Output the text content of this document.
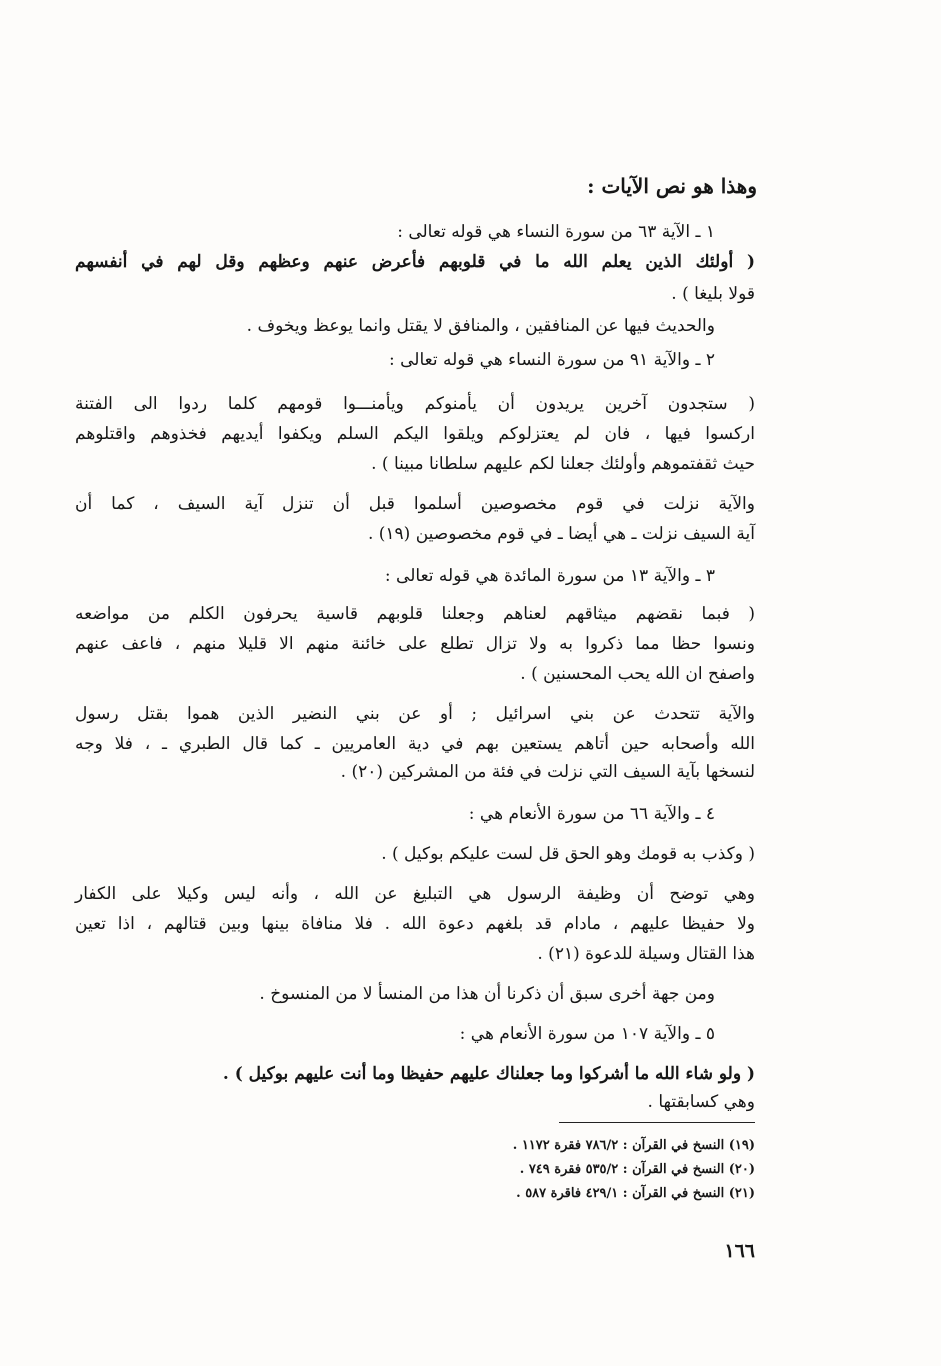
وهذا هو نص الآيات :
١ ـ الآية ٦٣ من سورة النساء هي قوله تعالى :
( أولئك الذين يعلم الله ما في قلوبهم فأعرض عنهم وعظهم وقل لهم في أنفسهم
قولا بليغا ) .
والحديث فيها عن المنافقين ، والمنافق لا يقتل وانما يوعظ ويخوف .
٢ ـ والآية ٩١ من سورة النساء هي قوله تعالى :
( ستجدون آخرين يريدون أن يأمنوكم ويأمنـــوا قومهم كلما ردوا الى الفتنة
اركسوا فيها ، فان لم يعتزلوكم ويلقوا اليكم السلم ويكفوا أيديهم فخذوهم واقتلوهم
حيث ثقفتموهم وأولئك جعلنا لكم عليهم سلطانا مبينا ) .
والآية نزلت في قوم مخصوصين أسلموا قبل أن تنزل آية السيف ، كما أن
آية السيف نزلت ـ هي أيضا ـ في قوم مخصوصين (١٩) .
٣ ـ والآية ١٣ من سورة المائدة هي قوله تعالى :
( فبما نقضهم ميثاقهم لعناهم وجعلنا قلوبهم قاسية يحرفون الكلم من مواضعه
ونسوا حظا مما ذكروا به ولا تزال تطلع على خائنة منهم الا قليلا منهم ، فاعف عنهم
واصفح ان الله يحب المحسنين ) .
والآية تتحدث عن بني اسرائيل ; أو عن بني النضير الذين هموا بقتل رسول
الله وأصحابه حين أتاهم يستعين بهم في دية العامريين ـ كما قال الطبري ـ ، فلا وجه
لنسخها بآية السيف التي نزلت في فئة من المشركين (٢٠) .
٤ ـ والآية ٦٦ من سورة الأنعام هي :
( وكذب به قومك وهو الحق قل لست عليكم بوكيل ) .
وهي توضح أن وظيفة الرسول هي التبليغ عن الله ، وأنه ليس وكيلا على الكفار
ولا حفيظا عليهم ، مادام قد بلغهم دعوة الله . فلا منافاة بينها وبين قتالهم ، اذا تعين
هذا القتال وسيلة للدعوة (٢١) .
ومن جهة أخرى سبق أن ذكرنا أن هذا من المنسأ لا من المنسوخ .
٥ ـ والآية ١٠٧ من سورة الأنعام هي :
( ولو شاء الله ما أشركوا وما جعلناك عليهم حفيظا وما أنت عليهم بوكيل ) .
وهي كسابقتها .
(١٩) النسخ في القرآن : ٧٨٦/٢ فقرة ١١٧٢ .
(٢٠) النسخ في القرآن : ٥٣٥/٢ فقرة ٧٤٩ .
(٢١) النسخ في القرآن : ٤٢٩/١ فاقرة ٥٨٧ .
١٦٦
